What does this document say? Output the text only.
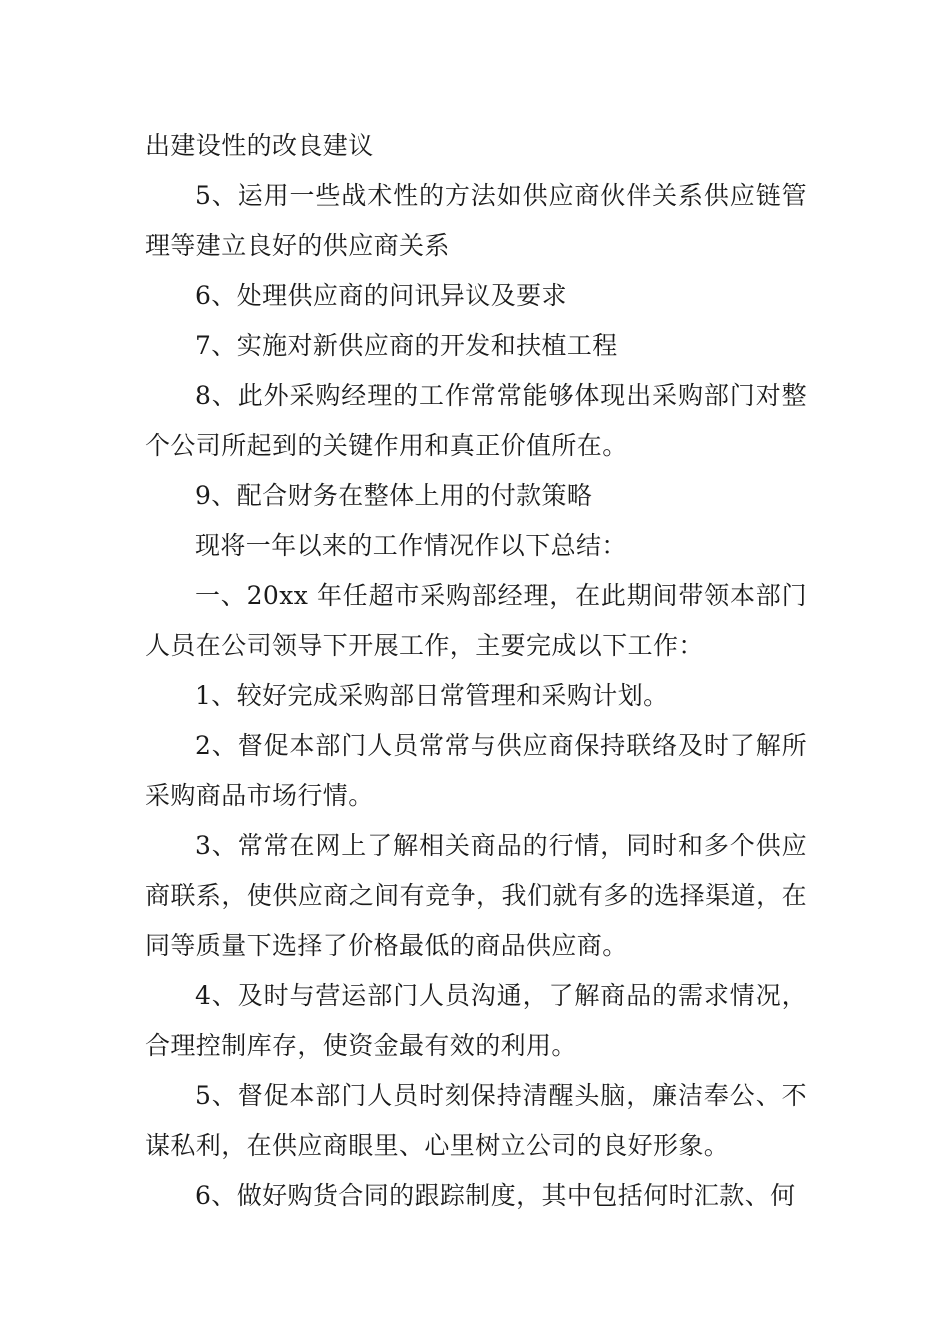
出建设性的改良建议

5、运用一些战术性的方法如供应商伙伴关系供应链管理等建立良好的供应商关系

6、处理供应商的问讯异议及要求

7、实施对新供应商的开发和扶植工程

8、此外采购经理的工作常常能够体现出采购部门对整个公司所起到的关键作用和真正价值所在。

9、配合财务在整体上用的付款策略

现将一年以来的工作情况作以下总结：

一、20xx 年任超市采购部经理，在此期间带领本部门人员在公司领导下开展工作，主要完成以下工作：

1、较好完成采购部日常管理和采购计划。

2、督促本部门人员常常与供应商保持联络及时了解所采购商品市场行情。

3、常常在网上了解相关商品的行情，同时和多个供应商联系，使供应商之间有竞争，我们就有多的选择渠道，在同等质量下选择了价格最低的商品供应商。

4、及时与营运部门人员沟通，了解商品的需求情况，合理控制库存，使资金最有效的利用。

5、督促本部门人员时刻保持清醒头脑，廉洁奉公、不谋私利，在供应商眼里、心里树立公司的良好形象。

6、做好购货合同的跟踪制度，其中包括何时汇款、何
